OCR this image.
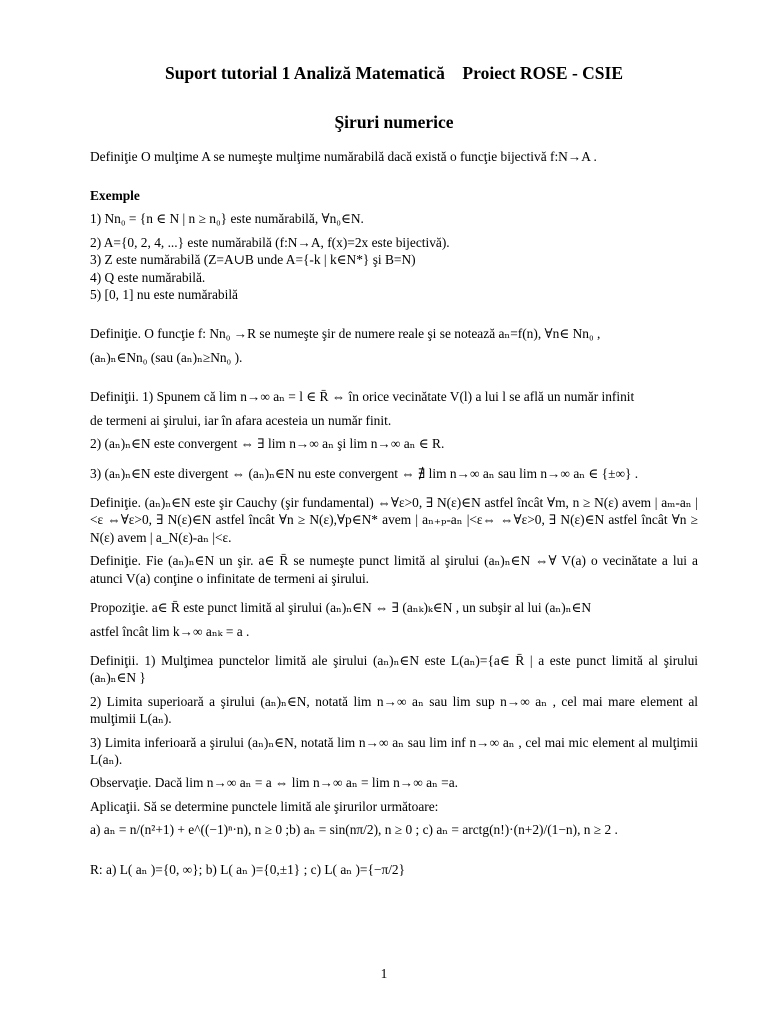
Suport tutorial 1 Analiză Matematică    Proiect ROSE - CSIE
Şiruri numerice

Definiţie O mulţime A se numeşte mulţime numărabilă dacă există o funcţie bijectivă f:N→A .

Exemple

1) Nn₀ = {n ∈ N | n ≥ n₀} este numărabilă, ∀n₀∈N.

2) A={0, 2, 4, ...} este numărabilă (f:N→A, f(x)=2x este bijectivă).

3) Z este numărabilă (Z=A∪B unde A={-k | k∈N*} şi B=N)

4) Q este numărabilă.

5) [0, 1] nu este numărabilă

Definiţie. O funcţie f: Nn₀ →R se numeşte şir de numere reale şi se notează aₙ=f(n), ∀n∈ Nn₀ ,

(aₙ)ₙ∈Nn₀ (sau (aₙ)ₙ≥Nn₀ ).

Definiţii. 1) Spunem că lim n→∞ aₙ = l ∈ R̄ ⇔ în orice vecinătate V(l) a lui l se află un număr infinit

de termeni ai şirului, iar în afara acesteia un număr finit.

2) (aₙ)ₙ∈N este convergent ⇔ ∃ lim n→∞ aₙ şi lim n→∞ aₙ ∈ R.

3) (aₙ)ₙ∈N este divergent ⇔ (aₙ)ₙ∈N nu este convergent ⇔ ∄ lim n→∞ aₙ sau lim n→∞ aₙ ∈ {±∞} .

Definiţie. (aₙ)ₙ∈N este şir Cauchy (şir fundamental) ⇔∀ε>0, ∃ N(ε)∈N astfel încât ∀m, n ≥ N(ε) avem | aₘ-aₙ |<ε ⇔∀ε>0, ∃ N(ε)∈N astfel încât ∀n ≥ N(ε),∀p∈N* avem | aₙ₊ₚ-aₙ |<ε⇔ ⇔∀ε>0, ∃ N(ε)∈N astfel încât ∀n ≥ N(ε) avem | a_N(ε)-aₙ |<ε.

Definiţie. Fie (aₙ)ₙ∈N un şir. a∈ R̄ se numeşte punct limită al şirului (aₙ)ₙ∈N ⇔∀ V(a) o vecinătate a lui a atunci V(a) conţine o infinitate de termeni ai şirului.

Propoziţie. a∈ R̄ este punct limită al şirului (aₙ)ₙ∈N ⇔ ∃ (aₙₖ)ₖ∈N , un subşir al lui (aₙ)ₙ∈N

astfel încât lim k→∞ aₙₖ = a .

Definiţii. 1) Mulţimea punctelor limită ale şirului (aₙ)ₙ∈N este L(aₙ)={a∈ R̄ | a este punct limită al şirului (aₙ)ₙ∈N }

2) Limita superioară a şirului (aₙ)ₙ∈N, notată lim n→∞ aₙ sau lim sup n→∞ aₙ , cel mai mare element al mulţimii L(aₙ).

3) Limita inferioară a şirului (aₙ)ₙ∈N, notată lim n→∞ aₙ sau lim inf n→∞ aₙ , cel mai mic element al mulţimii L(aₙ).

Observaţie. Dacă lim n→∞ aₙ = a ⇔ lim n→∞ aₙ = lim n→∞ aₙ =a.

Aplicaţii. Să se determine punctele limită ale şirurilor următoare:

a) aₙ = n/(n²+1) + e^((−1)ⁿ·n), n ≥ 0 ;b) aₙ = sin(nπ/2), n ≥ 0 ; c) aₙ = arctg(n!)·(n+2)/(1−n), n ≥ 2 .

R: a) L( aₙ )={0, ∞}; b) L( aₙ )={0,±1} ; c) L( aₙ )={−π/2}

1
